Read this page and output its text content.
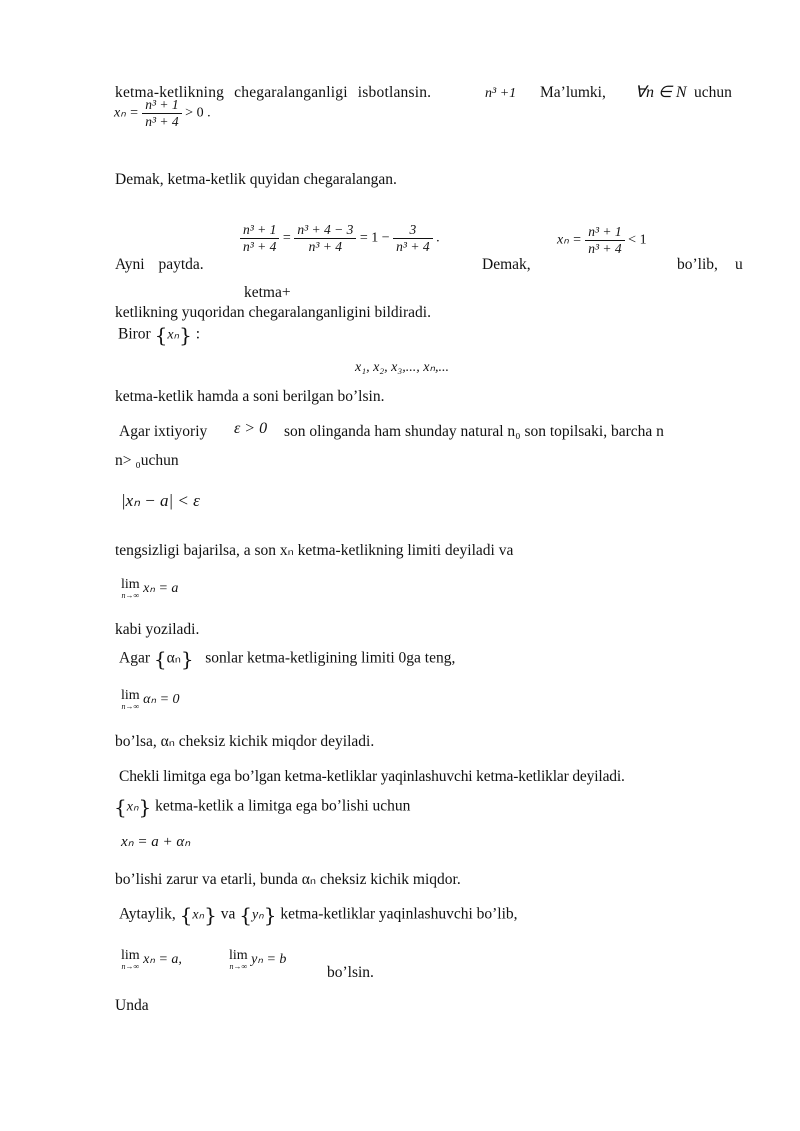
ketma-ketlikning chegaralanganligi isbotlansin.	n³ +1 Ma’lumki, ∀n ∈ N uchun
$x_n = \frac{\text{n³ + 1}}{\text{n³ + 4}} > 0$ .
Demak, ketma-ketlik quyidan chegaralangan.
Ayni paytda.
$\frac{\text{n³ + 1}}{\text{n³ + 4}} = \frac{\text{n³ + 4 − 3}}{\text{n³ + 4}} = 1 - \frac{3}{\text{n³ + 4}}$ .
Demak,
$x_n = \frac{\text{n³ + 1}}{\text{n³ + 4}} < 1$
bo’lib, u
ketma+
ketlikning yuqoridan chegaralanganligini bildiradi.
Biror {xₙ} :
x₁, x₂, x₃,..., xₙ,...
ketma-ketlik hamda a soni berilgan bo’lsin.
Agar ixtiyoriy ε > 0 son olinganda ham shunday natural n₀ son topilsaki, barcha n
n> ₀uchun
|xₙ − a| < ε
tengsizligi bajarilsa, a son xₙ ketma-ketlikning limiti deyiladi va
lim
n→∞ xₙ = a
kabi yoziladi.
Agar {αₙ} sonlar ketma-ketligining limiti 0ga teng,
lim
n→∞ αₙ = 0
bo’lsa, αₙ cheksiz kichik miqdor deyiladi.
Chekli limitga ega bo’lgan ketma-ketliklar yaqinlashuvchi ketma-ketliklar deyiladi.
{xₙ} ketma-ketlik a limitga ega bo’lishi uchun
xₙ = a + αₙ
bo’lishi zarur va etarli, bunda αₙ cheksiz kichik miqdor.
Aytaylik, {xₙ} va {yₙ} ketma-ketliklar yaqinlashuvchi bo’lib,
lim
n→∞ xₙ = a,	lim
n→∞ yₙ = b
bo’lsin.
Unda
